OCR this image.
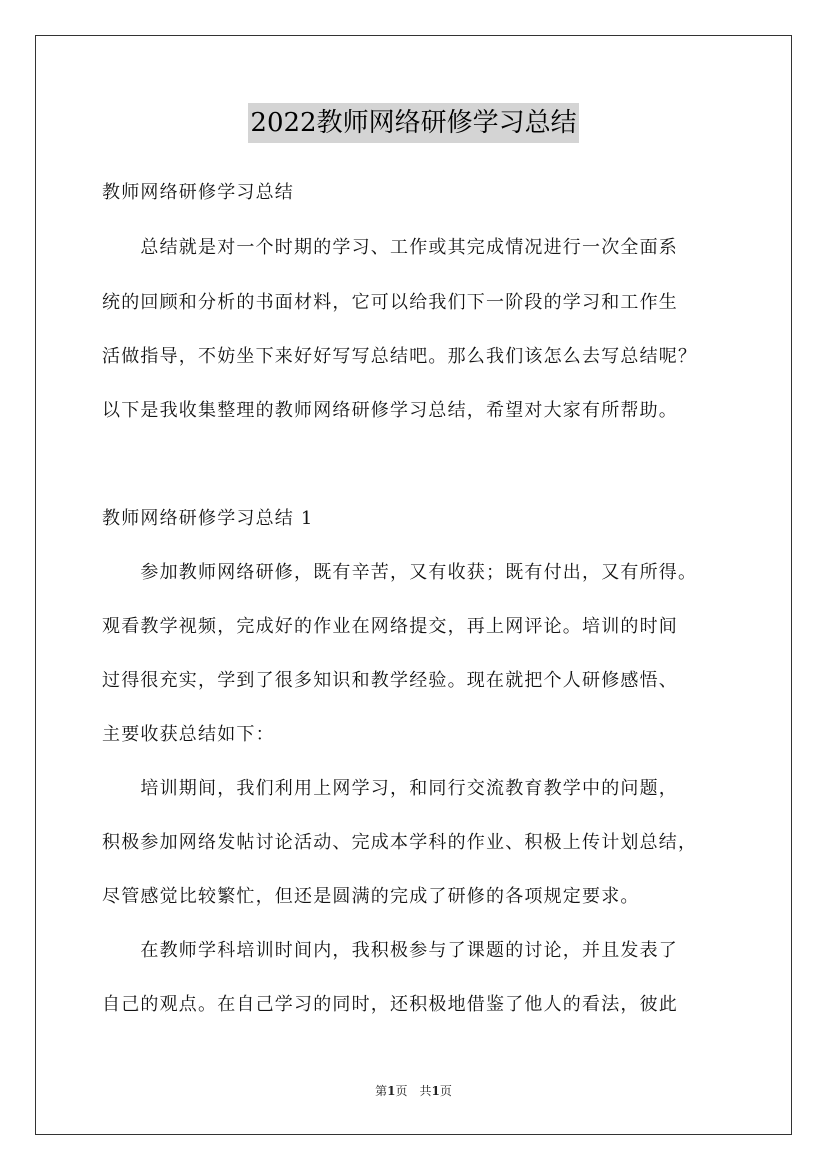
2022教师网络研修学习总结
教师网络研修学习总结
　　总结就是对一个时期的学习、工作或其完成情况进行一次全面系
统的回顾和分析的书面材料，它可以给我们下一阶段的学习和工作生
活做指导，不妨坐下来好好写写总结吧。那么我们该怎么去写总结呢？
以下是我收集整理的教师网络研修学习总结，希望对大家有所帮助。
教师网络研修学习总结 1
　　参加教师网络研修，既有辛苦，又有收获；既有付出，又有所得。
观看教学视频，完成好的作业在网络提交，再上网评论。培训的时间
过得很充实，学到了很多知识和教学经验。现在就把个人研修感悟、
主要收获总结如下：
　　培训期间，我们利用上网学习，和同行交流教育教学中的问题，
积极参加网络发帖讨论活动、完成本学科的作业、积极上传计划总结，
尽管感觉比较繁忙，但还是圆满的完成了研修的各项规定要求。
　　在教师学科培训时间内，我积极参与了课题的讨论，并且发表了
自己的观点。在自己学习的同时，还积极地借鉴了他人的看法，彼此
第1页　共1页
